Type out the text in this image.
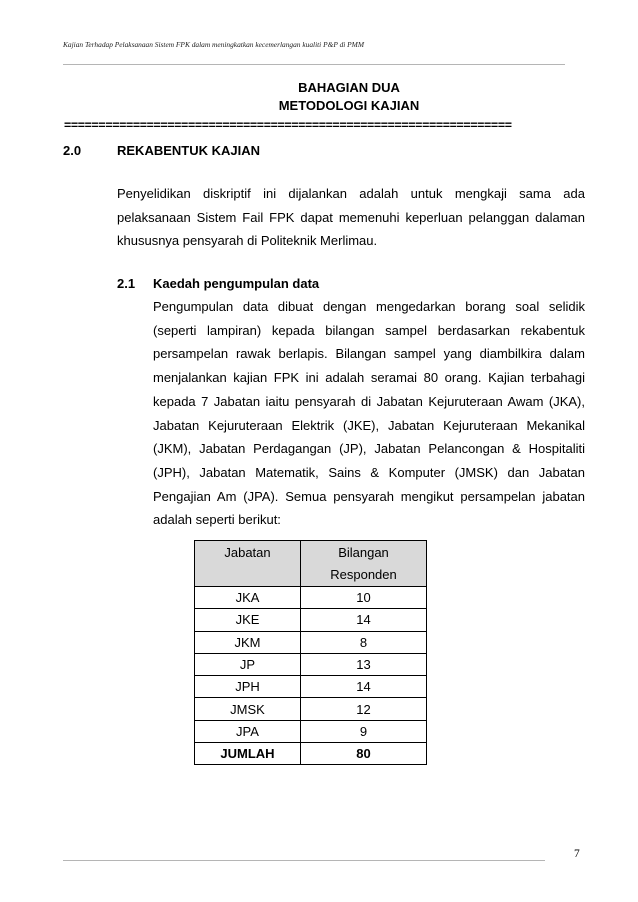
Kajian Terhadap Pelaksanaan Sistem FPK dalam meningkatkan kecemerlangan kualiti P&P di PMM
BAHAGIAN DUA
METODOLOGI KAJIAN
=================================================================
2.0	REKABENTUK KAJIAN

Penyelidikan diskriptif ini dijalankan adalah untuk mengkaji sama ada pelaksanaan Sistem Fail FPK dapat memenuhi keperluan pelanggan dalaman khususnya pensyarah di Politeknik Merlimau.

2.1 Kaedah pengumpulan data

Pengumpulan data dibuat dengan mengedarkan borang soal selidik (seperti lampiran) kepada bilangan sampel berdasarkan rekabentuk persampelan rawak berlapis. Bilangan sampel yang diambilkira dalam menjalankan kajian FPK ini adalah seramai 80 orang. Kajian terbahagi kepada 7 Jabatan iaitu pensyarah di Jabatan Kejuruteraan Awam (JKA), Jabatan Kejuruteraan Elektrik (JKE), Jabatan Kejuruteraan Mekanikal (JKM), Jabatan Perdagangan (JP), Jabatan Pelancongan & Hospitaliti (JPH), Jabatan Matematik, Sains & Komputer (JMSK) dan Jabatan Pengajian Am (JPA). Semua pensyarah mengikut persampelan jabatan adalah seperti berikut:

Jabatan	Bilangan
Responden
JKA	10
JKE	14
JKM	8
JP	13
JPH	14
JMSK	12
JPA	9
JUMLAH	80
7
